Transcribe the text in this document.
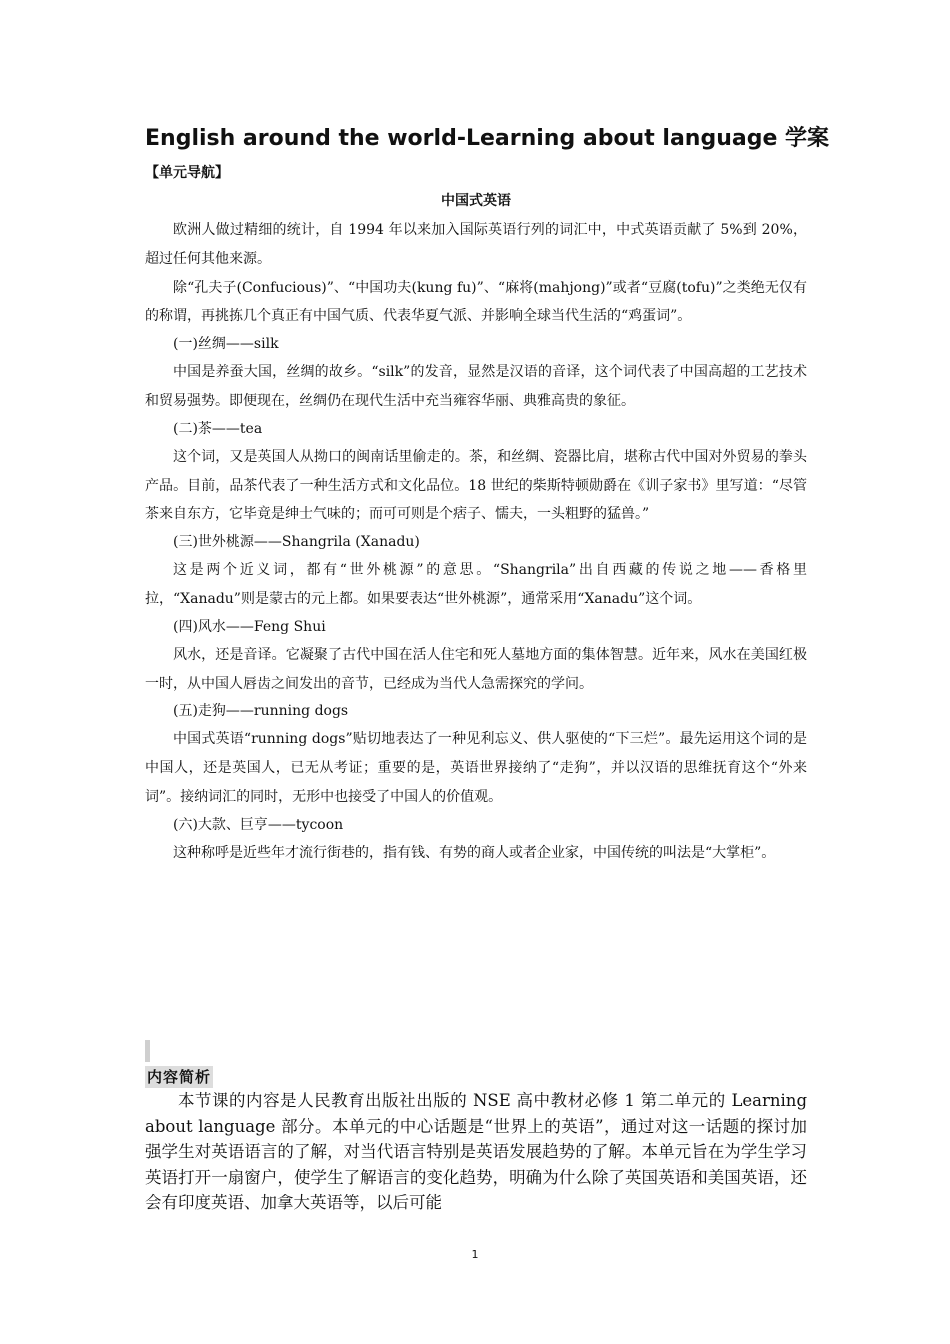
English around the world-Learning about language 学案
【单元导航】
中国式英语

欧洲人做过精细的统计，自 1994 年以来加入国际英语行列的词汇中，中式英语贡献了 5%到 20%，超过任何其他来源。

除“孔夫子(Confucious)”、“中国功夫(kung fu)”、“麻将(mahjong)”或者“豆腐(tofu)”之类绝无仅有的称谓，再挑拣几个真正有中国气质、代表华夏气派、并影响全球当代生活的“鸡蛋词”。

(一)丝绸——silk

中国是养蚕大国，丝绸的故乡。“silk”的发音，显然是汉语的音译，这个词代表了中国高超的工艺技术和贸易强势。即便现在，丝绸仍在现代生活中充当雍容华丽、典雅高贵的象征。

(二)茶——tea

这个词，又是英国人从拗口的闽南话里偷走的。茶，和丝绸、瓷器比肩，堪称古代中国对外贸易的拳头产品。目前，品茶代表了一种生活方式和文化品位。18 世纪的柴斯特顿勋爵在《训子家书》里写道：“尽管茶来自东方，它毕竟是绅士气味的；而可可则是个痞子、懦夫，一头粗野的猛兽。”

(三)世外桃源——Shangrila (Xanadu)

这是两个近义词，都有“世外桃源”的意思。“Shangrila”出自西藏的传说之地——香格里拉，“Xanadu”则是蒙古的元上都。如果要表达“世外桃源”，通常采用“Xanadu”这个词。

(四)风水——Feng Shui

风水，还是音译。它凝聚了古代中国在活人住宅和死人墓地方面的集体智慧。近年来，风水在美国红极一时，从中国人唇齿之间发出的音节，已经成为当代人急需探究的学问。

(五)走狗——running dogs

中国式英语“running dogs”贴切地表达了一种见利忘义、供人驱使的“下三烂”。最先运用这个词的是中国人，还是英国人，已无从考证；重要的是，英语世界接纳了“走狗”，并以汉语的思维抚育这个“外来词”。接纳词汇的同时，无形中也接受了中国人的价值观。

(六)大款、巨亨——tycoon

这种称呼是近些年才流行街巷的，指有钱、有势的商人或者企业家，中国传统的叫法是“大掌柜”。

内容简析

本节课的内容是人民教育出版社出版的 NSE 高中教材必修 1 第二单元的 Learning about language 部分。本单元的中心话题是“世界上的英语”，通过对这一话题的探讨加强学生对英语语言的了解，对当代语言特别是英语发展趋势的了解。本单元旨在为学生学习英语打开一扇窗户，使学生了解语言的变化趋势，明确为什么除了英国英语和美国英语，还会有印度英语、加拿大英语等，以后可能

1
